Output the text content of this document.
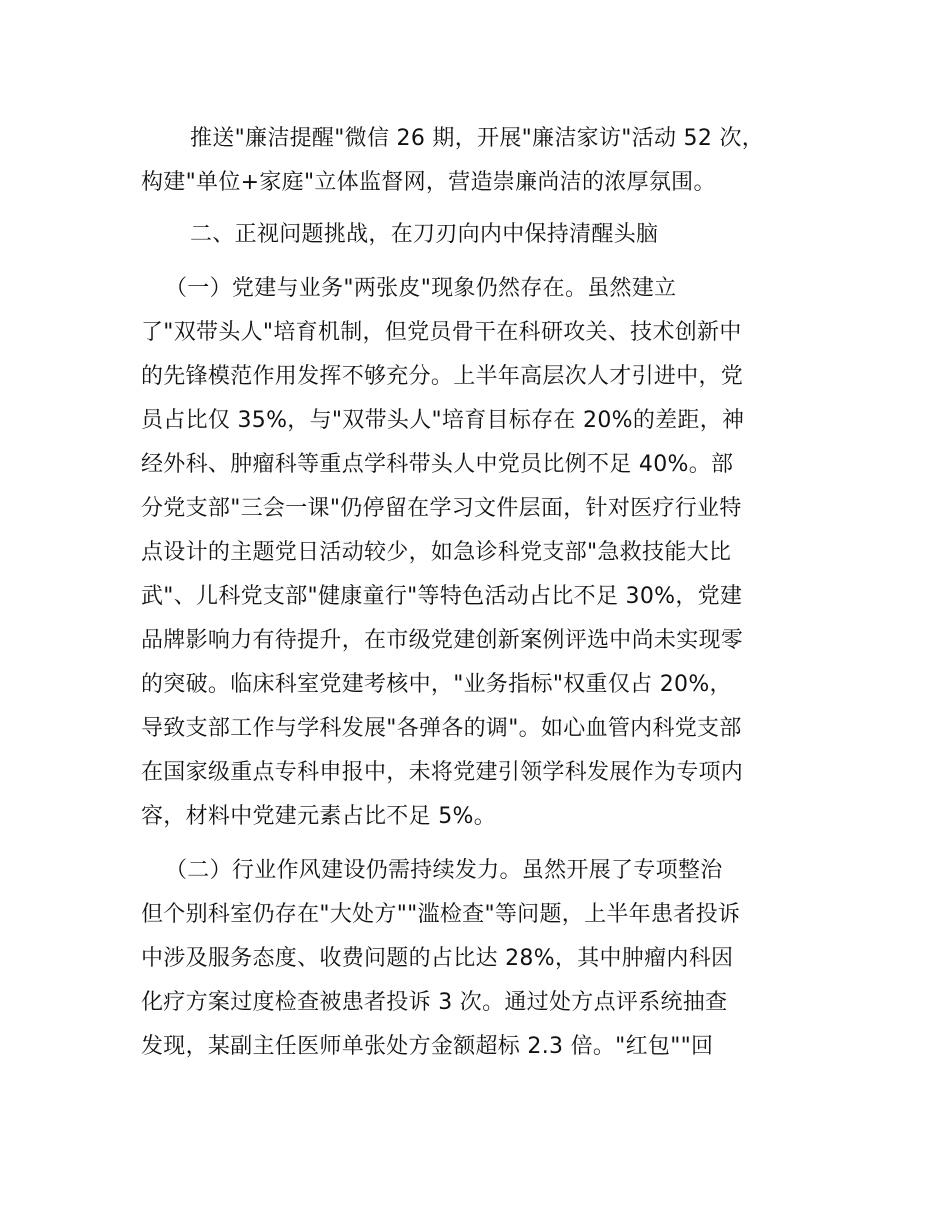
推送"廉洁提醒"微信 26 期，开展"廉洁家访"活动 52 次，
构建"单位+家庭"立体监督网，营造崇廉尚洁的浓厚氛围。
二、正视问题挑战，在刀刃向内中保持清醒头脑
（一）党建与业务"两张皮"现象仍然存在。虽然建立
了"双带头人"培育机制，但党员骨干在科研攻关、技术创新中
的先锋模范作用发挥不够充分。上半年高层次人才引进中，党
员占比仅 35%，与"双带头人"培育目标存在 20%的差距，神
经外科、肿瘤科等重点学科带头人中党员比例不足 40%。部
分党支部"三会一课"仍停留在学习文件层面，针对医疗行业特
点设计的主题党日活动较少，如急诊科党支部"急救技能大比
武"、儿科党支部"健康童行"等特色活动占比不足 30%，党建
品牌影响力有待提升，在市级党建创新案例评选中尚未实现零
的突破。临床科室党建考核中，"业务指标"权重仅占 20%，
导致支部工作与学科发展"各弹各的调"。如心血管内科党支部
在国家级重点专科申报中，未将党建引领学科发展作为专项内
容，材料中党建元素占比不足 5%。
（二）行业作风建设仍需持续发力。虽然开展了专项整治
但个别科室仍存在"大处方""滥检查"等问题，上半年患者投诉
中涉及服务态度、收费问题的占比达 28%，其中肿瘤内科因
化疗方案过度检查被患者投诉 3 次。通过处方点评系统抽查
发现，某副主任医师单张处方金额超标 2.3 倍。"红包""回
